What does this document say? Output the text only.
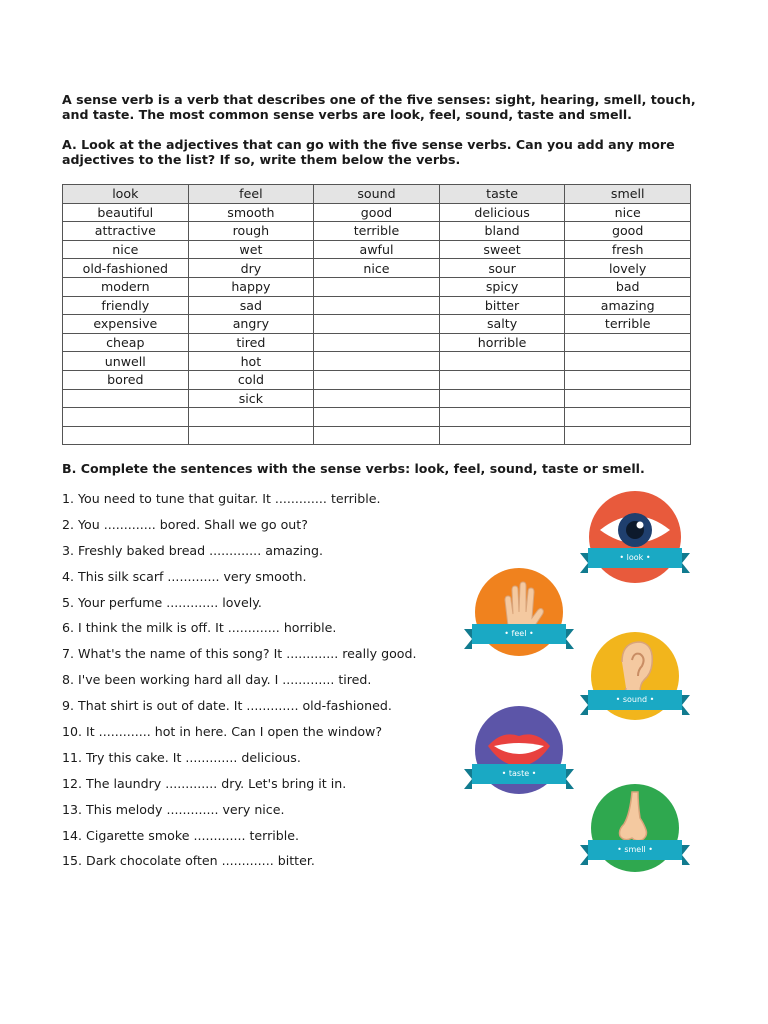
A sense verb is a verb that describes one of the five senses: sight, hearing, smell, touch, and taste. The most common sense verbs are look, feel, sound, taste and smell.
A. Look at the adjectives that can go with the five sense verbs. Can you add any more adjectives to the list? If so, write them below the verbs.
look	feel	sound	taste	smell
beautiful	smooth	good	delicious	nice
attractive	rough	terrible	bland	good
nice	wet	awful	sweet	fresh
old-fashioned	dry	nice	sour	lovely
modern	happy		spicy	bad
friendly	sad		bitter	amazing
expensive	angry		salty	terrible
cheap	tired		horrible	
unwell	hot			
bored	cold			
	sick			

B. Complete the sentences with the sense verbs: look, feel, sound, taste or smell.
1. You need to tune that guitar. It ............. terrible.
2. You ............. bored. Shall we go out?
3. Freshly baked bread ............. amazing.
4. This silk scarf ............. very smooth.
5. Your perfume ............. lovely.
6. I think the milk is off. It ............. horrible.
7. What's the name of this song? It ............. really good.
8. I've been working hard all day. I ............. tired.
9. That shirt is out of date. It ............. old-fashioned.
10. It ............. hot in here. Can I open the window?
11. Try this cake. It ............. delicious.
12. The laundry ............. dry. Let's bring it in.
13. This melody ............. very nice.
14. Cigarette smoke ............. terrible.
15. Dark chocolate often ............. bitter.
• look •
• feel •
• sound •
• taste •
• smell •
